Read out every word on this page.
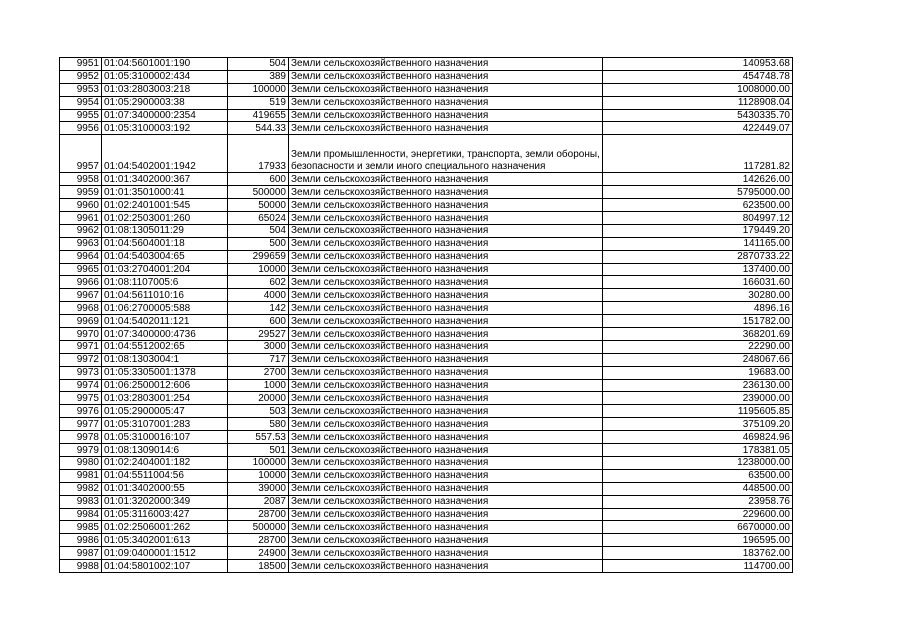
9951	01:04:5601001:190	504	Земли сельскохозяйственного назначения	140953.68
9952	01:05:3100002:434	389	Земли сельскохозяйственного назначения	454748.78
9953	01:03:2803003:218	100000	Земли сельскохозяйственного назначения	1008000.00
9954	01:05:2900003:38	519	Земли сельскохозяйственного назначения	1128908.04
9955	01:07:3400000:2354	419655	Земли сельскохозяйственного назначения	5430335.70
9956	01:05:3100003:192	544.33	Земли сельскохозяйственного назначения	422449.07
9957	01:04:5402001:1942	17933	Земли промышленности, энергетики, транспорта, земли обороны, безопасности и земли иного специального назначения	117281.82
9958	01:01:3402000:367	600	Земли сельскохозяйственного назначения	142626.00
9959	01:01:3501000:41	500000	Земли сельскохозяйственного назначения	5795000.00
9960	01:02:2401001:545	50000	Земли сельскохозяйственного назначения	623500.00
9961	01:02:2503001:260	65024	Земли сельскохозяйственного назначения	804997.12
9962	01:08:1305011:29	504	Земли сельскохозяйственного назначения	179449.20
9963	01:04:5604001:18	500	Земли сельскохозяйственного назначения	141165.00
9964	01:04:5403004:65	299659	Земли сельскохозяйственного назначения	2870733.22
9965	01:03:2704001:204	10000	Земли сельскохозяйственного назначения	137400.00
9966	01:08:1107005:6	602	Земли сельскохозяйственного назначения	166031.60
9967	01:04:5611010:16	4000	Земли сельскохозяйственного назначения	30280.00
9968	01:06:2700005:588	142	Земли сельскохозяйственного назначения	4896.16
9969	01:04:5402011:121	600	Земли сельскохозяйственного назначения	151782.00
9970	01:07:3400000:4736	29527	Земли сельскохозяйственного назначения	368201.69
9971	01:04:5512002:65	3000	Земли сельскохозяйственного назначения	22290.00
9972	01:08:1303004:1	717	Земли сельскохозяйственного назначения	248067.66
9973	01:05:3305001:1378	2700	Земли сельскохозяйственного назначения	19683.00
9974	01:06:2500012:606	1000	Земли сельскохозяйственного назначения	236130.00
9975	01:03:2803001:254	20000	Земли сельскохозяйственного назначения	239000.00
9976	01:05:2900005:47	503	Земли сельскохозяйственного назначения	1195605.85
9977	01:05:3107001:283	580	Земли сельскохозяйственного назначения	375109.20
9978	01:05:3100016:107	557.53	Земли сельскохозяйственного назначения	469824.96
9979	01:08:1309014:6	501	Земли сельскохозяйственного назначения	178381.05
9980	01:02:2404001:182	100000	Земли сельскохозяйственного назначения	1238000.00
9981	01:04:5511004:56	10000	Земли сельскохозяйственного назначения	63500.00
9982	01:01:3402000:55	39000	Земли сельскохозяйственного назначения	448500.00
9983	01:01:3202000:349	2087	Земли сельскохозяйственного назначения	23958.76
9984	01:05:3116003:427	28700	Земли сельскохозяйственного назначения	229600.00
9985	01:02:2506001:262	500000	Земли сельскохозяйственного назначения	6670000.00
9986	01:05:3402001:613	28700	Земли сельскохозяйственного назначения	196595.00
9987	01:09:0400001:1512	24900	Земли сельскохозяйственного назначения	183762.00
9988	01:04:5801002:107	18500	Земли сельскохозяйственного назначения	114700.00
